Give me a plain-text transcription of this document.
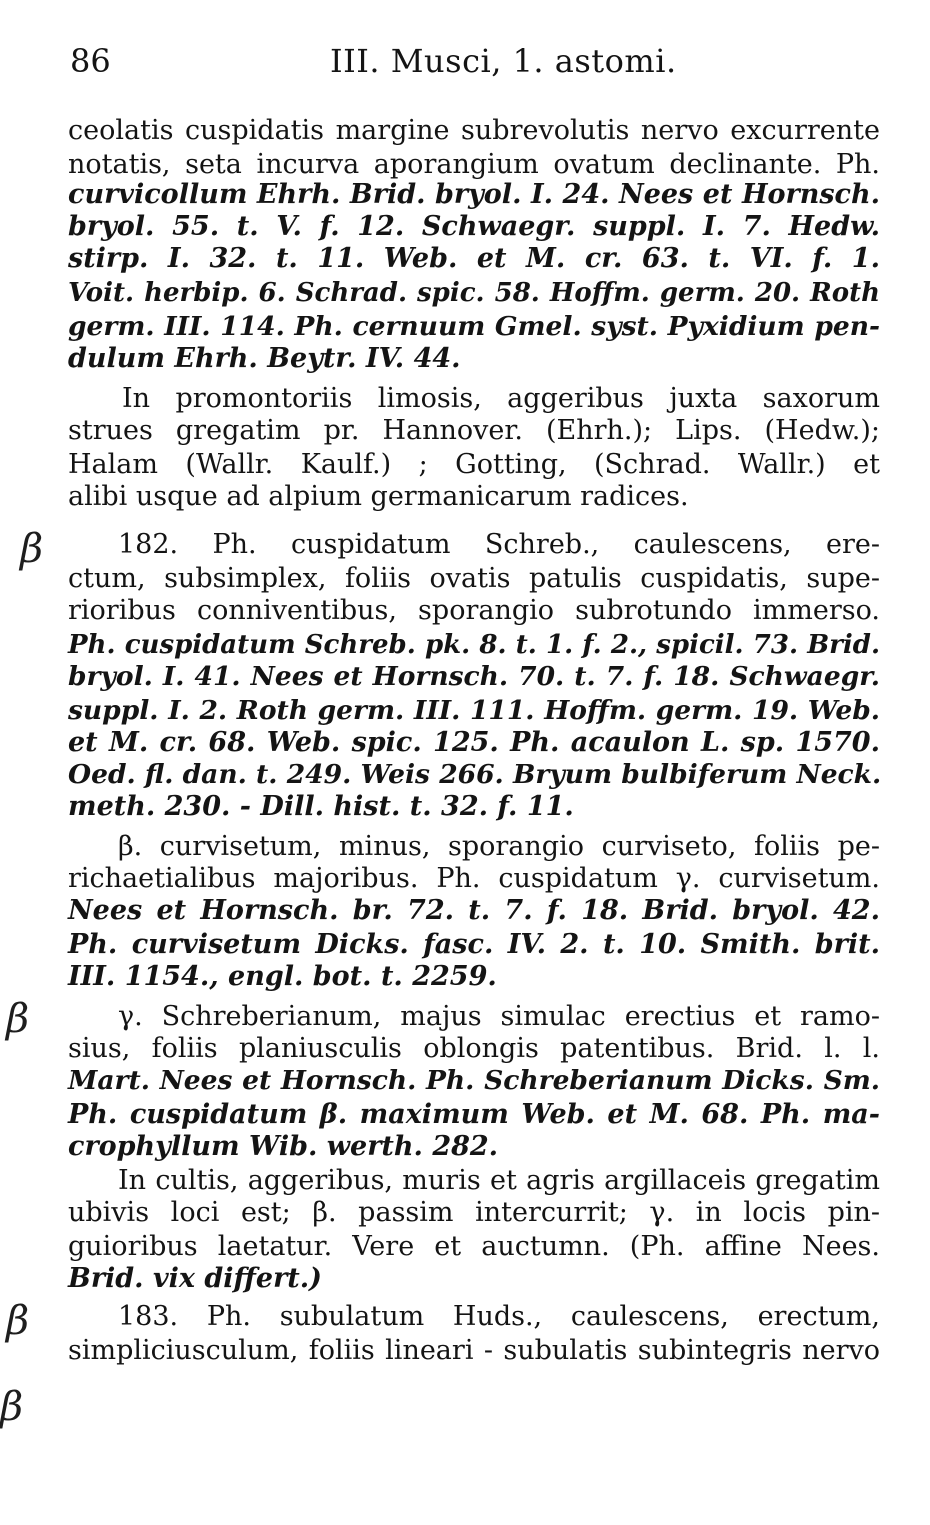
86	III. Musci, 1. astomi.
β
β
β
β
ceolatis cuspidatis margine subrevolutis nervo excurrente
notatis, seta incurva aporangium ovatum declinante. Ph.
curvicollum Ehrh. Brid. bryol. I. 24. Nees et Hornsch.
bryol. 55. t. V. f. 12. Schwaegr. suppl. I. 7. Hedw.
stirp. I. 32. t. 11. Web. et M. cr. 63. t. VI. f. 1.
Voit. herbip. 6. Schrad. spic. 58. Hoffm. germ. 20. Roth
germ. III. 114. Ph. cernuum Gmel. syst. Pyxidium pen-
dulum Ehrh. Beytr. IV. 44.
In promontoriis limosis, aggeribus juxta saxorum
strues gregatim pr. Hannover. (Ehrh.); Lips. (Hedw.);
Halam (Wallr. Kaulf.) ; Gotting, (Schrad. Wallr.) et
alibi usque ad alpium germanicarum radices.
182. Ph. cuspidatum Schreb., caulescens, ere-
ctum, subsimplex, foliis ovatis patulis cuspidatis, supe-
rioribus conniventibus, sporangio subrotundo immerso.
Ph. cuspidatum Schreb. pk. 8. t. 1. f. 2., spicil. 73. Brid.
bryol. I. 41. Nees et Hornsch. 70. t. 7. f. 18. Schwaegr.
suppl. I. 2. Roth germ. III. 111. Hoffm. germ. 19. Web.
et M. cr. 68. Web. spic. 125. Ph. acaulon L. sp. 1570.
Oed. fl. dan. t. 249. Weis 266. Bryum bulbiferum Neck.
meth. 230. - Dill. hist. t. 32. f. 11.
β. curvisetum, minus, sporangio curviseto, foliis pe-
richaetialibus majoribus. Ph. cuspidatum γ. curvisetum.
Nees et Hornsch. br. 72. t. 7. f. 18. Brid. bryol. 42.
Ph. curvisetum Dicks. fasc. IV. 2. t. 10. Smith. brit.
III. 1154., engl. bot. t. 2259.
γ. Schreberianum, majus simulac erectius et ramo-
sius, foliis planiusculis oblongis patentibus. Brid. l. l.
Mart. Nees et Hornsch. Ph. Schreberianum Dicks. Sm.
Ph. cuspidatum β. maximum Web. et M. 68. Ph. ma-
crophyllum Wib. werth. 282.
In cultis, aggeribus, muris et agris argillaceis gregatim
ubivis loci est; β. passim intercurrit; γ. in locis pin-
guioribus laetatur. Vere et auctumn. (Ph. affine Nees.
Brid. vix differt.)
183. Ph. subulatum Huds., caulescens, erectum,
simpliciusculum, foliis lineari - subulatis subintegris nervo
